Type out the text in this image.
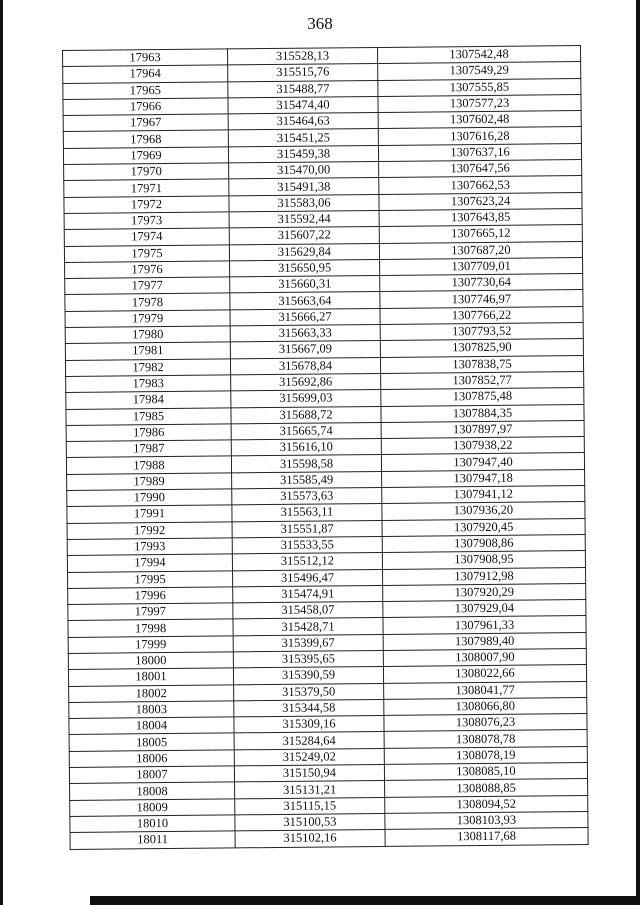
368
17963	315528,13	1307542,48
17964	315515,76	1307549,29
17965	315488,77	1307555,85
17966	315474,40	1307577,23
17967	315464,63	1307602,48
17968	315451,25	1307616,28
17969	315459,38	1307637,16
17970	315470,00	1307647,56
17971	315491,38	1307662,53
17972	315583,06	1307623,24
17973	315592,44	1307643,85
17974	315607,22	1307665,12
17975	315629,84	1307687,20
17976	315650,95	1307709,01
17977	315660,31	1307730,64
17978	315663,64	1307746,97
17979	315666,27	1307766,22
17980	315663,33	1307793,52
17981	315667,09	1307825,90
17982	315678,84	1307838,75
17983	315692,86	1307852,77
17984	315699,03	1307875,48
17985	315688,72	1307884,35
17986	315665,74	1307897,97
17987	315616,10	1307938,22
17988	315598,58	1307947,40
17989	315585,49	1307947,18
17990	315573,63	1307941,12
17991	315563,11	1307936,20
17992	315551,87	1307920,45
17993	315533,55	1307908,86
17994	315512,12	1307908,95
17995	315496,47	1307912,98
17996	315474,91	1307920,29
17997	315458,07	1307929,04
17998	315428,71	1307961,33
17999	315399,67	1307989,40
18000	315395,65	1308007,90
18001	315390,59	1308022,66
18002	315379,50	1308041,77
18003	315344,58	1308066,80
18004	315309,16	1308076,23
18005	315284,64	1308078,78
18006	315249,02	1308078,19
18007	315150,94	1308085,10
18008	315131,21	1308088,85
18009	315115,15	1308094,52
18010	315100,53	1308103,93
18011	315102,16	1308117,68
